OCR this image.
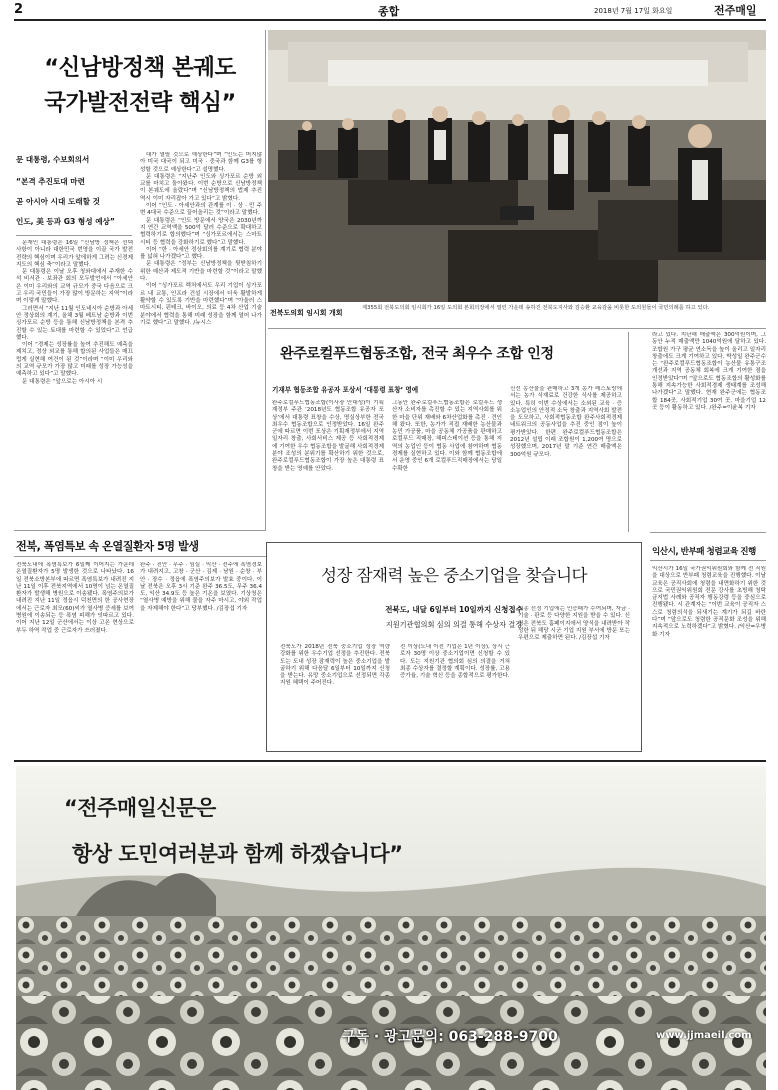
2	종합	2018년 7월 17일 화요일	전주매일
“신남방정책 본궤도
국가발전전략 핵심”
문 대통령, 수보회의서
“본격 추진토대 마련
곧 아시아 시대 도래할 것
인도, 美 등과 G3 형성 예상”

문재인 대통령은 16일 “신남방 정책은 선택 사항이 아니라 대한민국 번영을 이끌 국가 발전 전략의 핵심이며 우리가 앞에하게 그려는 신경제지도의 핵심 축”이라고 말했다.

문 대통령은 이날 오후 청와대에서 주재한 수석 비서관 · 보좌관 회의 모두발언에서 “아세안은 이미 우리와의 교역 규모가 중국 다음으로 크고 우리 국민들이 가장 많이 방문하는 지역”이라며 이렇게 말했다.

그러면서 “지난 11월 인도네시아 순방과 아세안 정상회의 계기, 올해 3월 베트남 순방과 이번 싱가포르 순방 등을 통해 신남방정책을 본격 추진할 수 있는 토대를 마련할 수 있었다”고 언급했다.

이어 “경제는 성장률을 높여 추진해도 예측을 제치고, 정상 외교를 통해 합의된 사업들은 매끄럽게 실현해 여건이 된 것”이라며 “이미 우리와의 교역 규모가 가장 많고 미래를 성장 가능성을 예측하고 있다”고 말했다.

문 대통령은 “앞으로는 아시아 시

대가 열릴 것으로 예상한다”며 “인도는 머지않아 미국 대국이 되고 미국 · 중국과 함께 G3를 형성할 것으로 예상한다”고 설명했다.

문 대통령은 “지난주 인도와 싱가포르 순방 외교를 마치고 돌아왔다. 이번 순방으로 신남방정책이 본궤도에 올랐다”며 “신남방정책의 법제 추진 역시 이미 자리잡아 가고 있다”고 밝혔다.

이어 “인도 · 아세안과의 관계를 이 · 상 · 민 주변 4대국 수준으로 끌어올리는 것”이라고 말했다.

문 대통령은 “인도 방문에서 양국은 2030년까지 연간 교역액을 500억 달러 수준으로 확대하고 협력하기로 합의했다”며 “싱가포르에서는 스마트시티 등 협력을 강화하기로 했다”고 말했다.

이어 “한 · 아세안 정상회의를 계기로 협력 분야를 넓혀 나가겠다”고 했다.

문 대통령은 “정부는 신남방정책을 뒷받침하기 위한 예산과 제도적 기반을 마련할 것”이라고 말했다.

이어 “싱가포르 렉처에서도 우리 기업이 싱가포르 내 교통, 인프라 건설 시장에서 더욱 활발하게 활약할 수 있도록 기반을 마련했다”며 “아울러 스마트시티, 핀테크, 바이오, 의료 등 4차 산업 기술 분야에서 협력을 통해 미래 성장을 함께 열어 나가기로 했다”고 말했다. /뉴시스

전북도의회 임시회 개회
제355회 전북도의회 임시회가 16일 도의회 본회의장에서 열린 가운데 송하진 전북도지사와 김승환 교육감을 비롯한 도의원들이 국민의례를 하고 있다.
완주로컬푸드협동조합, 전국 최우수 조합 인정
기재부 협동조합 유공자 포상서 ‘대통령 표창’ 영예
완주로컬푸드협동조합(이사장 안대성)이 기획재정부 주관 ‘2018년도 협동조합 유공자 포상’에서 대통령 표창을 수상, 명실상부한 전국 최우수 협동조합으로 인정받았다. 16일 완주군에 따르면 이번 포상은 기획재정부에서 지역 일자리 창출, 사회서비스 제공 등 사회적경제에 기여한 우수 협동조합을 발굴해 사회적경제 분야 조성의 분위기를 확산하기 위한 것으로, 완주로컬푸드협동조합이 가장 높은 대통령 표창을 받는 영예를 안았다.
그동안 완주로컬푸드협동조합은 로컬푸드 생산자 소비자를 촉진할 수 있는 지역사회를 위한 마을 단위 재배와 6차산업화를 촉진 · 견인해 왔다. 또한, 농가가 직접 재배한 농산물과 농민 가공품, 마을 공동체 가공품을 판매하고 로컬푸드 직매장, 해피스테이션 등을 통해 지역의 농업인 등이 협동 사업에 참여하며 협동 경제를 실현하고 있다. 이와 함께 협동조합에서 운영 중인 6개 로컬푸드직매장에서는 당일 수확한
신선 농산물을 판매하고 3개 농가 레스토랑에서는 농가 식재료로 건강한 식사를 제공하고 있다. 특히 이번 수상에서는 소외된 교육 · 증소농업인의 안정적 소득 창출과 지역사회 발전을 도모하고, 사회적협동조합 완주사회적경제네트워크의 공동사업을 추진 중인 점이 높이 평가받았다. 한편 완주로컬푸드협동조합은 2012년 설립 이래 조합원이 1,200여 명으로 성장했으며, 2017년 말 기준 연간 매출액은 300억원 규모다.
라고 있다. 지난해 매출액은 300억원이며, 그동안 누적 매출액만 1040억원에 달하고 있다. 조합원 가구 평균 연소득을 높이 올리고 일자리 창출에도 크게 기여하고 있다. 박성일 완주군수는 “완주로컬푸드협동조합이 농산물 유통구조 개선과 지역 공동체 회복에 크게 기여한 점을 인정받았다”며 “앞으로도 협동조합의 활성화를 통해 지속가능한 사회적경제 생태계를 조성해 나가겠다”고 말했다. 현재 완주군에는 협동조합 184곳, 사회적기업 30여 곳, 마을기업 12곳 등이 활동하고 있다. /완주=이윤복 기자
전북, 폭염특보 속 온열질환자 5명 발생
전북도내에 폭염특보가 6일째 이어지는 가운데 온열질환자가 5명 발생한 것으로 나타났다. 16일 전북소방본부에 따르면 폭염특보가 내려진 지난 11일 이후 전북지역에서 10명이 넘는 온열질환자가 발생해 병원으로 이송됐다. 폭염주의보가 내려진 지난 11일 정읍시 덕천면의 한 공사현장에서는 근로자 최모(60)씨가 열사병 증세를 보여 병원에 이송되는 등 폭염 피해가 잇따르고 있다. 이어 지난 12일 군산에서는 이상 고온 현상으로 부두 하역 작업 중 근로자가 쓰러졌다.
완주 · 진안 · 무주 · 임실 · 익산 · 전주에 폭염경보가 내려지고, 고창 · 군산 · 김제 · 남원 · 순창 · 부안 · 장수 · 정읍에 폭염주의보가 발효 중이다. 이날 전북은 오후 3시 기준 완주 36.5도, 무주 36.4도, 익산 34.9도 등 높은 기온을 보였다. 기상청은 “열사병 예방을 위해 물을 자주 마시고, 야외 작업을 자제해야 한다”고 당부했다. /김장섭 기자
성장 잠재력 높은 중소기업을 찾습니다
전북도, 내달 6일부터 10일까지 신청접수
지원기관협의회 심의 의결 통해 수상자 결정
전북도가 2018년 전북 중소기업 성장 역량 강화를 위한 우수기업 선정을 추진한다. 전북도는 도내 성장 잠재력이 높은 중소기업을 발굴하기 위해 다음달 6일부터 10일까지 신청을 받는다. 유망 중소기업으로 선정되면 각종 지원 혜택이 주어진다.
전 이상(도내 이전 기업은 1년 이상), 상시 근로자 30명 이상 중소기업이면 신청할 수 있다. 도는 지원기관 협의회 심의 의결을 거쳐 최종 수상자를 결정할 계획이다. 성장률, 고용증가율, 기술 혁신 등을 종합적으로 평가한다.
최종 선정 기업에는 인증패가 수여되며, 자금 · 기술 · 판로 등 다양한 지원을 받을 수 있다. 신청은 전북도 홈페이지에서 양식을 내려받아 작성한 뒤 해당 시군 기업 지원 부서에 방문 또는 우편으로 제출하면 된다. /김장섭 기자
익산시, 반부패 청렴교육 진행
익산시가 16일 국가권익위원회와 함께 전 직원을 대상으로 반부패 청렴교육을 진행했다. 이날 교육은 공직사회에 청렴을 내면화하기 위한 것으로 국민권익위원회 전문 강사를 초빙해 청탁금지법 사례와 공직자 행동강령 등을 중심으로 진행됐다. 시 관계자는 “이번 교육이 공직자 스스로 청렴의식을 되새기는 계기가 되길 바란다”며 “앞으로도 청렴한 공직문화 조성을 위해 지속적으로 노력하겠다”고 밝혔다. /익산=우병화 기자
“전주매일신문은
항상 도민여러분과 함께 하겠습니다”
구독 · 광고문의: 063-288-9700	www.jjmaeil.com
